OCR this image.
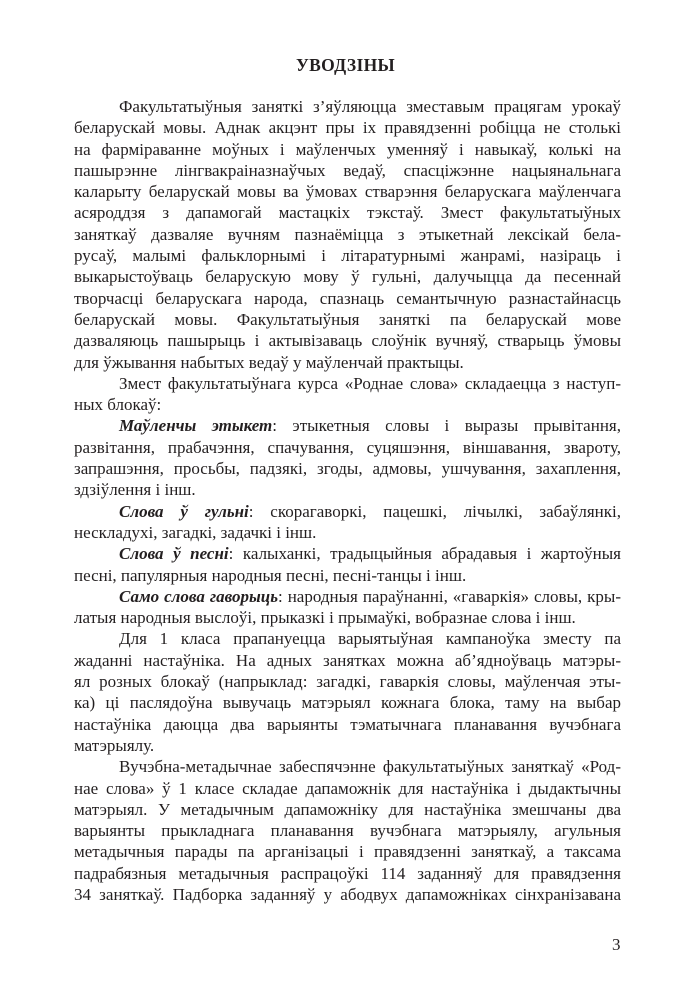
УВОДЗІНЫ
Факультатыўныя заняткі з’яўляюцца зместавым працягам урокаў
беларускай мовы. Аднак акцэнт пры іх правядзенні робіцца не столькі
на фарміраванне моўных і маўленчых уменняў і навыкаў, колькі на
пашырэнне лінгвакраіназнаўчых ведаў, спасціжэнне нацыянальнага
каларыту беларускай мовы ва ўмовах стварэння беларускага маўленчага
асяроддзя з дапамогай мастацкіх тэкстаў. Змест факультатыўных
заняткаў дазваляе вучням пазнаёміцца з этыкетнай лексікай белa-
русаў, малымі фальклорнымі і літаратурнымі жанрамі, назіраць і
выкарыстоўваць беларускую мову ў гульні, далучыцца да песеннай
творчасці беларускага народа, спазнаць семантычную разнастайнасць
беларускай мовы. Факультатыўныя заняткі па беларускай мове
дазваляюць пашырыць і актывізаваць слоўнік вучняў, стварыць ўмовы
для ўжывання набытых ведаў у маўленчай практыцы.
Змест факультатыўнага курса «Роднае слова» складаецца з наступ-
ных блокаў:
Маўленчы этыкет: этыкетныя словы і выразы прывітання,
развітання, прабачэння, спачування, суцяшэння, віншавання, звароту,
запрашэння, просьбы, падзякі, згоды, адмовы, ушчування, захаплення,
здзіўлення і інш.
Слова ў гульні: скорагаворкі, пацешкі, лічылкі, забаўлянкі,
нескладухі, загадкі, задачкі і інш.
Слова ў песні: калыханкі, традыцыйныя абрадавыя і жартоўныя
песні, папулярныя народныя песні, песні-танцы і інш.
Само слова гаворыць: народныя параўнанні, «гаваркія» словы, кры-
латыя народныя выслоўі, прыказкі і прымаўкі, вобразнае слова і інш.
Для 1 класа прапануецца варыятыўная кампаноўка зместу па
жаданні настаўніка. На адных занятках можна аб’ядноўваць матэры-
ял розных блокаў (напрыклад: загадкі, гаваркія словы, маўленчая эты-
ка) ці паслядоўна вывучаць матэрыял кожнага блока, таму на выбар
настаўніка даюцца два варыянты тэматычнага планавання вучэбнага
матэрыялу.
Вучэбна-метадычнае забеспячэнне факультатыўных заняткаў «Род-
нае слова» ў 1 класе складае дапаможнік для настаўніка і дыдактычны
матэрыял. У метадычным дапаможніку для настаўніка змешчаны два
варыянты прыкладнага планавання вучэбнага матэрыялу, агульныя
метадычныя парады па арганізацыі і правядзенні заняткаў, а таксама
падрабязныя метадычныя распрацоўкі 114 заданняў для правядзення
34 заняткаў. Падборка заданняў у абодвух дапаможніках сінхранізавана
3
